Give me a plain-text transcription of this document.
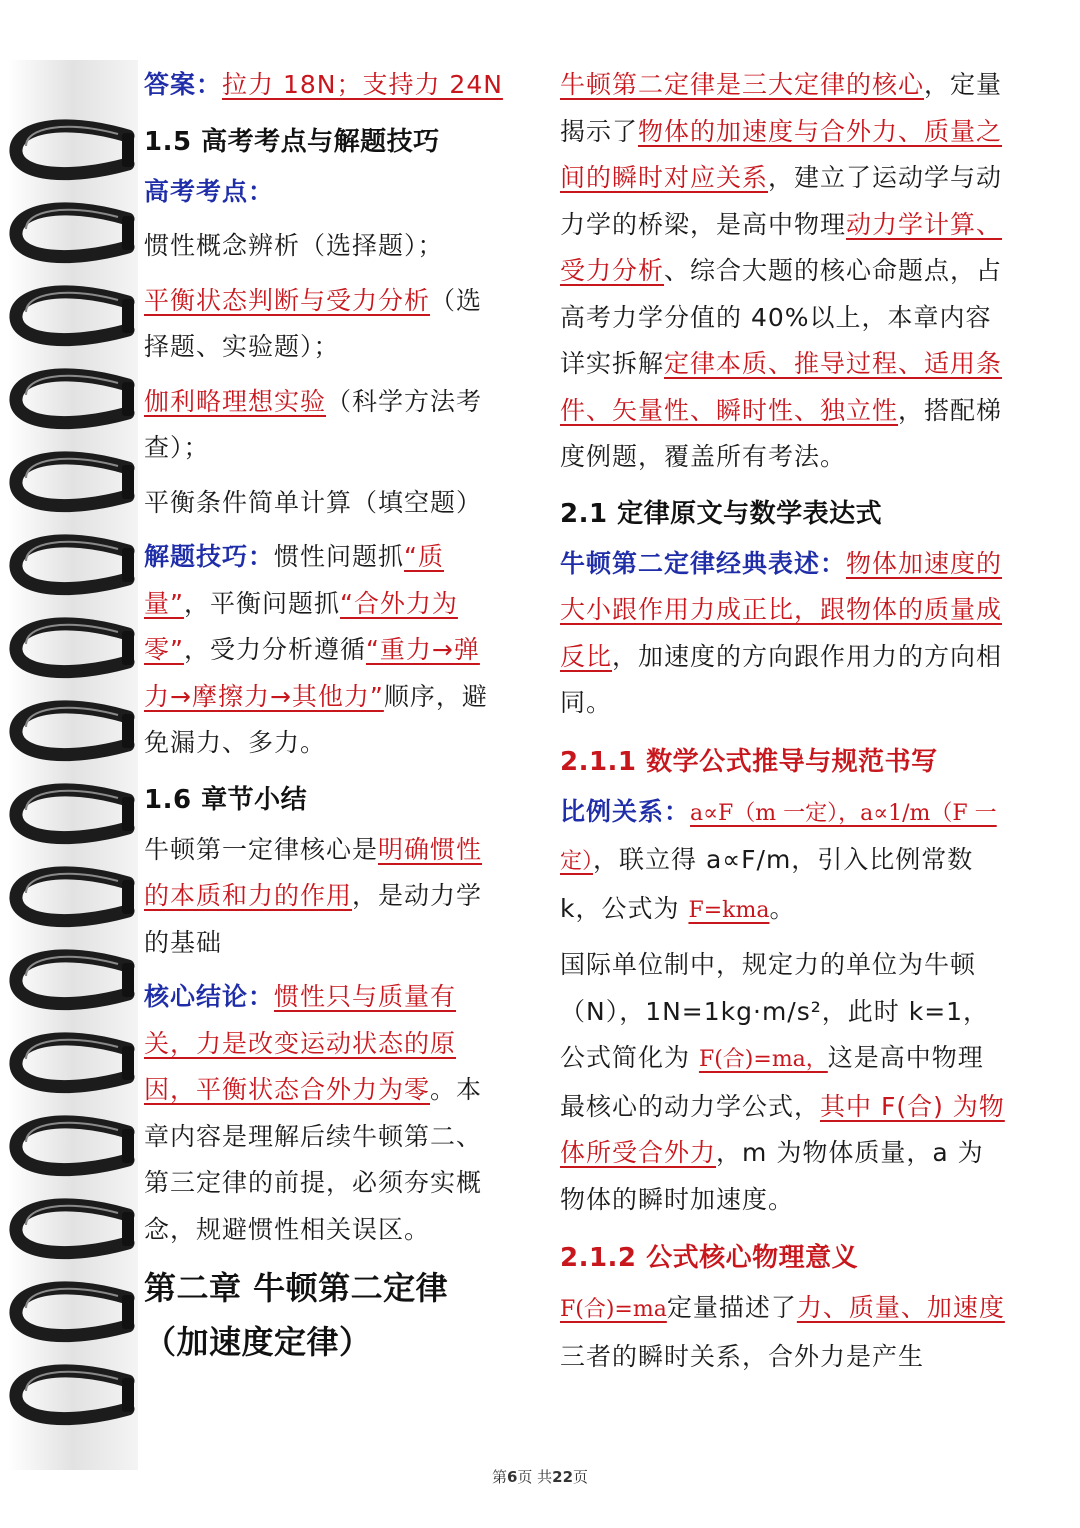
答案：拉力 18N；支持力 24N

1.5 高考考点与解题技巧

高考考点：

惯性概念辨析（选择题）；

平衡状态判断与受力分析（选择题、实验题）；

伽利略理想实验（科学方法考查）；

平衡条件简单计算（填空题）

解题技巧：惯性问题抓“质量”，平衡问题抓“合外力为零”，受力分析遵循“重力→弹力→摩擦力→其他力”顺序，避免漏力、多力。

1.6 章节小结

牛顿第一定律核心是明确惯性的本质和力的作用，是动力学的基础

核心结论：惯性只与质量有关，力是改变运动状态的原因，平衡状态合外力为零。本章内容是理解后续牛顿第二、第三定律的前提，必须夯实概念，规避惯性相关误区。

第二章 牛顿第二定律（加速度定律）

牛顿第二定律是三大定律的核心，定量揭示了物体的加速度与合外力、质量之间的瞬时对应关系，建立了运动学与动力学的桥梁，是高中物理动力学计算、受力分析、综合大题的核心命题点，占高考力学分值的 40%以上，本章内容详实拆解定律本质、推导过程、适用条件、矢量性、瞬时性、独立性，搭配梯度例题，覆盖所有考法。

2.1 定律原文与数学表达式

牛顿第二定律经典表述：物体加速度的大小跟作用力成正比，跟物体的质量成反比，加速度的方向跟作用力的方向相同。

2.1.1 数学公式推导与规范书写

比例关系：a∝F（m 一定），a∝1/m（F 一定），联立得 a∝F/m，引入比例常数 k，公式为 F=kma。

国际单位制中，规定力的单位为牛顿（N），1N=1kg·m/s²，此时 k=1，公式简化为 F(合)=ma，这是高中物理最核心的动力学公式，其中 F(合) 为物体所受合外力，m 为物体质量，a 为物体的瞬时加速度。

2.1.2 公式核心物理意义

F(合)=ma定量描述了力、质量、加速度三者的瞬时关系，合外力是产生

第6页 共22页
